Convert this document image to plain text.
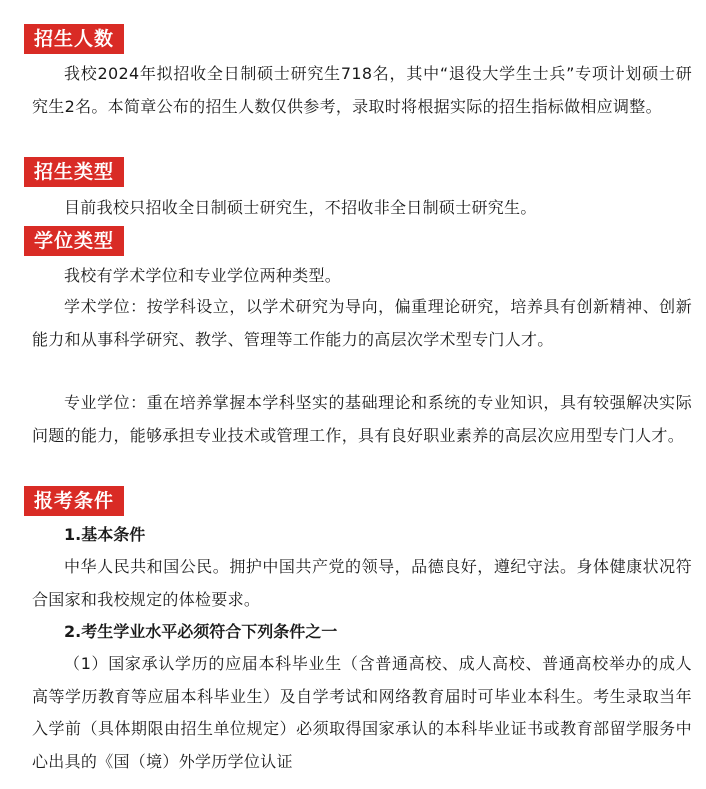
招生人数

我校2024年拟招收全日制硕士研究生718名，其中“退役大学生士兵”专项计划硕士研究生2名。本简章公布的招生人数仅供参考，录取时将根据实际的招生指标做相应调整。

招生类型

目前我校只招收全日制硕士研究生，不招收非全日制硕士研究生。

学位类型

我校有学术学位和专业学位两种类型。

学术学位：按学科设立，以学术研究为导向，偏重理论研究，培养具有创新精神、创新能力和从事科学研究、教学、管理等工作能力的高层次学术型专门人才。

专业学位：重在培养掌握本学科坚实的基础理论和系统的专业知识，具有较强解决实际问题的能力，能够承担专业技术或管理工作，具有良好职业素养的高层次应用型专门人才。

报考条件
1.基本条件

中华人民共和国公民。拥护中国共产党的领导，品德良好，遵纪守法。身体健康状况符合国家和我校规定的体检要求。

2.考生学业水平必须符合下列条件之一

（1）国家承认学历的应届本科毕业生（含普通高校、成人高校、普通高校举办的成人高等学历教育等应届本科毕业生）及自学考试和网络教育届时可毕业本科生。考生录取当年入学前（具体期限由招生单位规定）必须取得国家承认的本科毕业证书或教育部留学服务中心出具的《国（境）外学历学位认证
